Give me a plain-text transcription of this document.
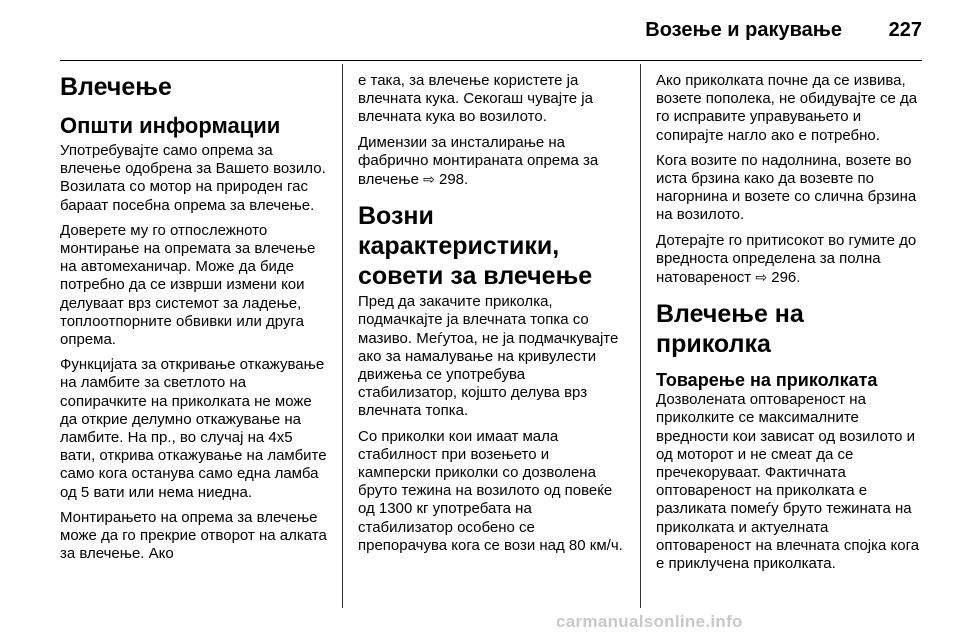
Возење и ракување 227
Влечење
Општи информации

Употребувајте само опрема за влечење одобрена за Вашето возило. Возилата со мотор на природен гас бараат посебна опрема за влечење.

Доверете му го отпослежното монтирање на опремата за влечење на автомеханичар. Може да биде потребно да се изврши измени кои делуваат врз системот за ладење, топлоотпорните обвивки или друга опрема.

Функцијата за откривање откажување на ламбите за светлото на сопирачките на приколката не може да открие делумно откажување на ламбите. На пр., во случај на 4x5 вати, открива откажување на ламбите само кога останува само една ламба од 5 вати или нема ниедна.

Монтирањето на опрема за влечење може да го прекрие отворот на алката за влечење. Ако

е така, за влечење користете ја влечната кука. Секогаш чувајте ја влечната кука во возилото.

Димензии за инсталирање на фабрично монтираната опрема за влечење ⇨ 298.

Возни карактеристики, совети за влечење

Пред да закачите приколка, подмачкајте ја влечната топка со мазиво. Меѓутоа, не ја подмачкувајте ако за намалување на кривулести движења се употребува стабилизатор, којшто делува врз влечната топка.

Со приколки кои имаат мала стабилност при возењето и камперски приколки со дозволена бруто тежина на возилото од повеќе од 1300 кг употребата на стабилизатор особено се препорачува кога се вози над 80 км/ч.

Ако приколката почне да се извива, возете пополека, не обидувајте се да го исправите управувањето и сопирајте нагло ако е потребно.

Кога возите по надолнина, возете во иста брзина како да возевте по нагорнина и возете со слична брзина на возилото.

Дотерајте го притисокот во гумите до вредноста определена за полна натовареност ⇨ 296.

Влечење на приколка
Товарење на приколката

Дозволената оптовареност на приколките се максималните вредности кои зависат од возилото и од моторот и не смеат да се пречекоруваат. Фактичната оптовареност на приколката е разликата помеѓу бруто тежината на приколката и актуелната оптовареност на влечната спојка кога е приклучена приколката.

carmanualsonline.info
